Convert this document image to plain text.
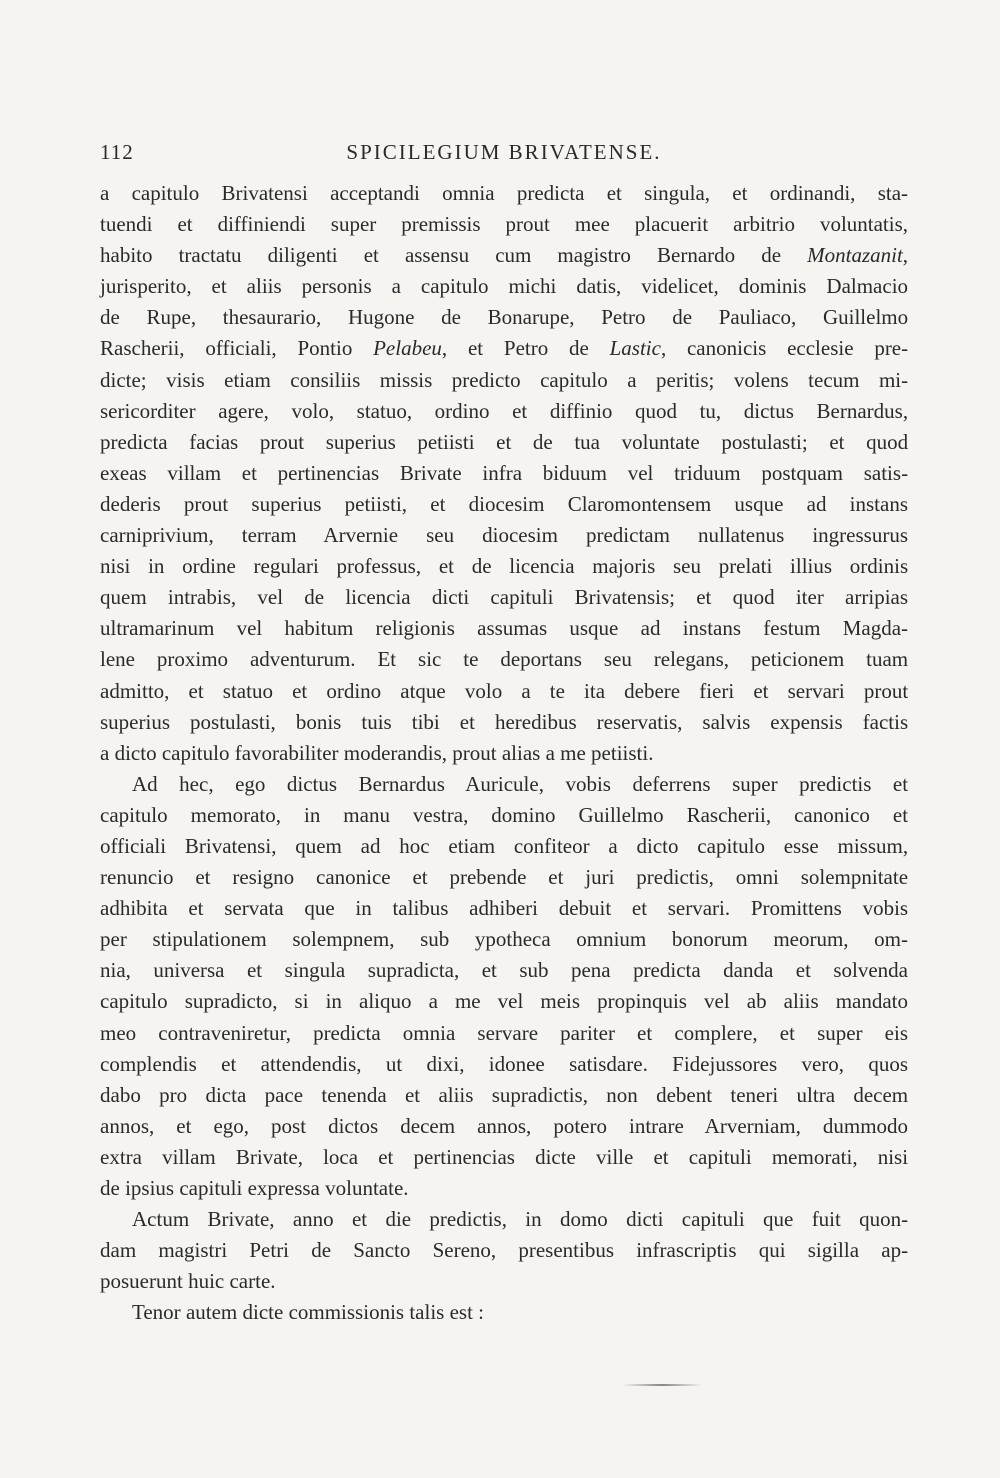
112	SPICILEGIUM BRIVATENSE.
a capitulo Brivatensi acceptandi omnia predicta et singula, et ordinandi, sta-
tuendi et diffiniendi super premissis prout mee placuerit arbitrio voluntatis,
habito tractatu diligenti et assensu cum magistro Bernardo de Montazanit,
jurisperito, et aliis personis a capitulo michi datis, videlicet, dominis Dalmacio
de Rupe, thesaurario, Hugone de Bonarupe, Petro de Pauliaco, Guillelmo
Rascherii, officiali, Pontio Pelabeu, et Petro de Lastic, canonicis ecclesie pre-
dicte; visis etiam consiliis missis predicto capitulo a peritis; volens tecum mi-
sericorditer agere, volo, statuo, ordino et diffinio quod tu, dictus Bernardus,
predicta facias prout superius petiisti et de tua voluntate postulasti; et quod
exeas villam et pertinencias Brivate infra biduum vel triduum postquam satis-
dederis prout superius petiisti, et diocesim Claromontensem usque ad instans
carniprivium, terram Arvernie seu diocesim predictam nullatenus ingressurus
nisi in ordine regulari professus, et de licencia majoris seu prelati illius ordinis
quem intrabis, vel de licencia dicti capituli Brivatensis; et quod iter arripias
ultramarinum vel habitum religionis assumas usque ad instans festum Magda-
lene proximo adventurum. Et sic te deportans seu relegans, peticionem tuam
admitto, et statuo et ordino atque volo a te ita debere fieri et servari prout
superius postulasti, bonis tuis tibi et heredibus reservatis, salvis expensis factis
a dicto capitulo favorabiliter moderandis, prout alias a me petiisti.
Ad hec, ego dictus Bernardus Auricule, vobis deferrens super predictis et
capitulo memorato, in manu vestra, domino Guillelmo Rascherii, canonico et
officiali Brivatensi, quem ad hoc etiam confiteor a dicto capitulo esse missum,
renuncio et resigno canonice et prebende et juri predictis, omni solempnitate
adhibita et servata que in talibus adhiberi debuit et servari. Promittens vobis
per stipulationem solempnem, sub ypotheca omnium bonorum meorum, om-
nia, universa et singula supradicta, et sub pena predicta danda et solvenda
capitulo supradicto, si in aliquo a me vel meis propinquis vel ab aliis mandato
meo contraveniretur, predicta omnia servare pariter et complere, et super eis
complendis et attendendis, ut dixi, idonee satisdare. Fidejussores vero, quos
dabo pro dicta pace tenenda et aliis supradictis, non debent teneri ultra decem
annos, et ego, post dictos decem annos, potero intrare Arverniam, dummodo
extra villam Brivate, loca et pertinencias dicte ville et capituli memorati, nisi
de ipsius capituli expressa voluntate.
Actum Brivate, anno et die predictis, in domo dicti capituli que fuit quon-
dam magistri Petri de Sancto Sereno, presentibus infrascriptis qui sigilla ap-
posuerunt huic carte.
Tenor autem dicte commissionis talis est :
